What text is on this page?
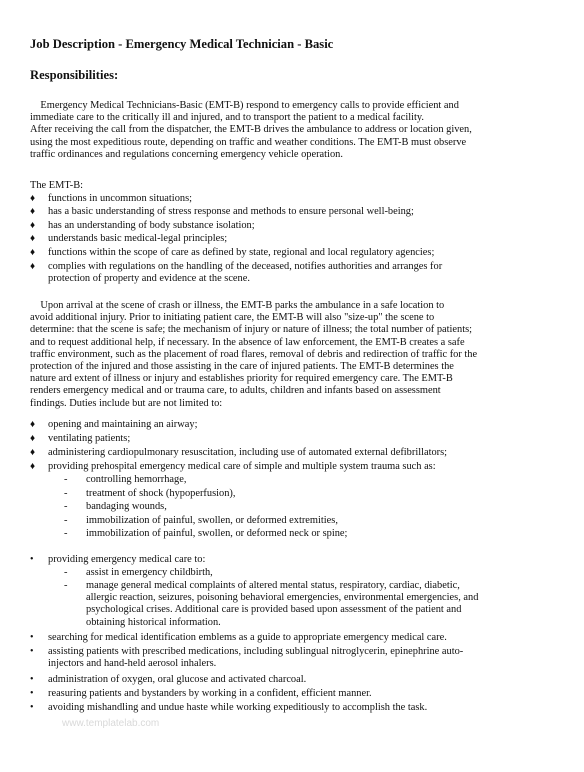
Job Description - Emergency Medical Technician - Basic
Responsibilities:
Emergency Medical Technicians-Basic (EMT-B) respond to emergency calls to provide efficient and
immediate care to the critically ill and injured, and to transport the patient to a medical facility.
After receiving the call from the dispatcher, the EMT-B drives the ambulance to address or location given,
using the most expeditious route, depending on traffic and weather conditions. The EMT-B must observe
traffic ordinances and regulations concerning emergency vehicle operation.
The EMT-B:
♦	functions in uncommon situations;
♦	has a basic understanding of stress response and methods to ensure personal well-being;
♦	has an understanding of body substance isolation;
♦	understands basic medical-legal principles;
♦	functions within the scope of care as defined by state, regional and local regulatory agencies;
♦	complies with regulations on the handling of the deceased, notifies authorities and arranges for
protection of property and evidence at the scene.
Upon arrival at the scene of crash or illness, the EMT-B parks the ambulance in a safe location to
avoid additional injury. Prior to initiating patient care, the EMT-B will also "size-up" the scene to
determine: that the scene is safe; the mechanism of injury or nature of illness; the total number of patients;
and to request additional help, if necessary. In the absence of law enforcement, the EMT-B creates a safe
traffic environment, such as the placement of road flares, removal of debris and redirection of traffic for the
protection of the injured and those assisting in the care of injured patients. The EMT-B determines the
nature ard extent of illness or injury and establishes priority for required emergency care. The EMT-B
renders emergency medical and or trauma care, to adults, children and infants based on assessment
findings. Duties include but are not limited to:
♦	opening and maintaining an airway;
♦	ventilating patients;
♦	administering cardiopulmonary resuscitation, including use of automated external defibrillators;
♦	providing prehospital emergency medical care of simple and multiple system trauma such as:
- controlling hemorrhage,
- treatment of shock (hypoperfusion),
- bandaging wounds,
- immobilization of painful, swollen, or deformed extremities,
- immobilization of painful, swollen, or deformed neck or spine;
•	providing emergency medical care to:
- assist in emergency childbirth,
- manage general medical complaints of altered mental status, respiratory, cardiac, diabetic,
allergic reaction, seizures, poisoning behavioral emergencies, environmental emergencies, and
psychological crises. Additional care is provided based upon assessment of the patient and
obtaining historical information.
•	searching for medical identification emblems as a guide to appropriate emergency medical care.
•	assisting patients with prescribed medications, including sublingual nitroglycerin, epinephrine auto-
injectors and hand-held aerosol inhalers.
•	administration of oxygen, oral glucose and activated charcoal.
•	reasuring patients and bystanders by working in a confident, efficient manner.
•	avoiding mishandling and undue haste while working expeditiously to accomplish the task.
www.templatelab.com
